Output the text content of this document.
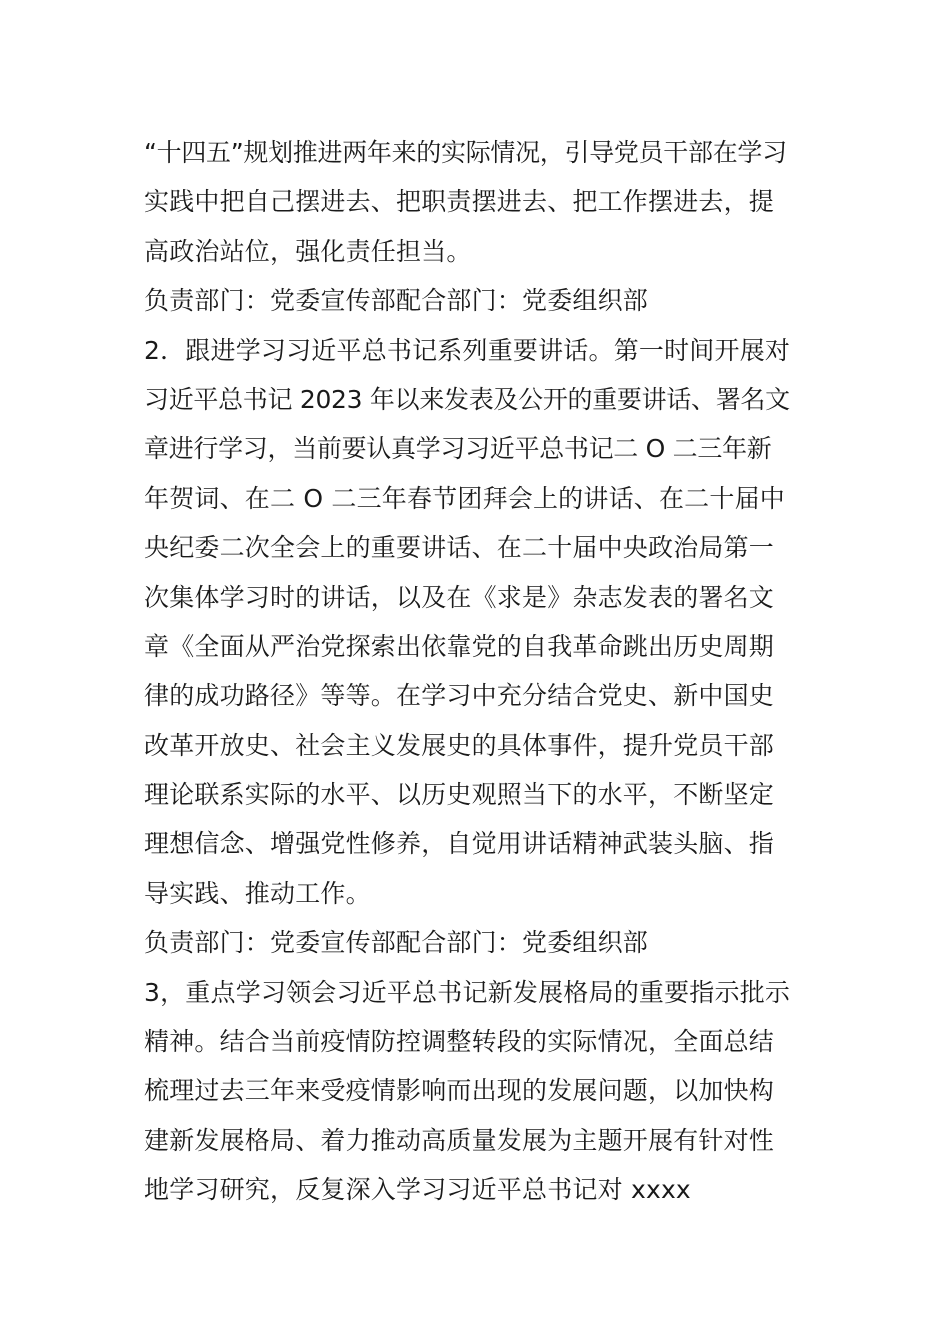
“十四五”规划推进两年来的实际情况，引导党员干部在学习
实践中把自己摆进去、把职责摆进去、把工作摆进去，提
高政治站位，强化责任担当。
负责部门：党委宣传部配合部门：党委组织部
2．跟进学习习近平总书记系列重要讲话。第一时间开展对
习近平总书记 2023 年以来发表及公开的重要讲话、署名文
章进行学习，当前要认真学习习近平总书记二 O 二三年新
年贺词、在二 O 二三年春节团拜会上的讲话、在二十届中
央纪委二次全会上的重要讲话、在二十届中央政治局第一
次集体学习时的讲话，以及在《求是》杂志发表的署名文
章《全面从严治党探索出依靠党的自我革命跳出历史周期
律的成功路径》等等。在学习中充分结合党史、新中国史
改革开放史、社会主义发展史的具体事件，提升党员干部
理论联系实际的水平、以历史观照当下的水平，不断坚定
理想信念、增强党性修养，自觉用讲话精神武装头脑、指
导实践、推动工作。
负责部门：党委宣传部配合部门：党委组织部
3，重点学习领会习近平总书记新发展格局的重要指示批示
精神。结合当前疫情防控调整转段的实际情况，全面总结
梳理过去三年来受疫情影响而出现的发展问题，以加快构
建新发展格局、着力推动高质量发展为主题开展有针对性
地学习研究，反复深入学习习近平总书记对 xxxx
